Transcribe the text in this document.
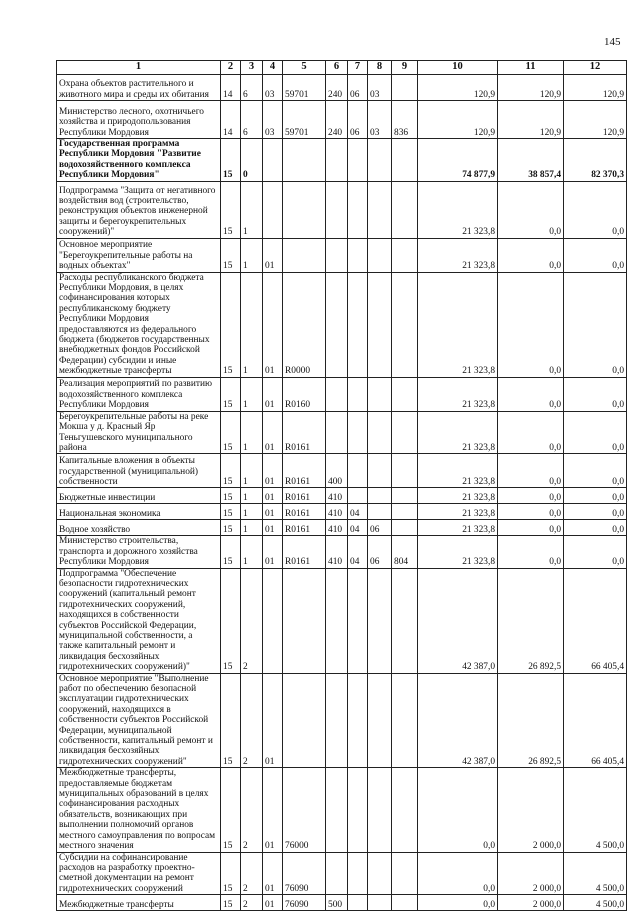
145
1	2	3	4	5	6	7	8	9	10	11	12
Охрана объектов растительного и животного мира и среды их обитания	14	6	03	59701	240	06	03		120,9	120,9	120,9
Министерство лесного, охотничьего хозяйства и природопользования Республики Мордовия	14	6	03	59701	240	06	03	836	120,9	120,9	120,9
Государственная программа Республики Мордовия "Развитие водохозяйственного комплекса Республики Мордовия"	15	0							74 877,9	38 857,4	82 370,3
Подпрограмма "Защита от негативного воздействия вод (строительство, реконструкция объектов инженерной защиты и берегоукрепительных сооружений)"	15	1							21 323,8	0,0	0,0
Основное мероприятие "Берегоукрепительные работы на водных объектах"	15	1	01						21 323,8	0,0	0,0
Расходы республиканского бюджета Республики Мордовия, в целях софинансирования которых республиканскому бюджету Республики Мордовия предоставляются из федерального бюджета (бюджетов государственных внебюджетных фондов Российской Федерации) субсидии и иные межбюджетные трансферты	15	1	01	R0000					21 323,8	0,0	0,0
Реализация мероприятий по развитию водохозяйственного комплекса Республики Мордовия	15	1	01	R0160					21 323,8	0,0	0,0
Берегоукрепительные работы на реке Мокша у д. Красный Яр Теньгушевского муниципального района	15	1	01	R0161					21 323,8	0,0	0,0
Капитальные вложения в объекты государственной (муниципальной) собственности	15	1	01	R0161	400				21 323,8	0,0	0,0
Бюджетные инвестиции	15	1	01	R0161	410				21 323,8	0,0	0,0
Национальная экономика	15	1	01	R0161	410	04			21 323,8	0,0	0,0
Водное хозяйство	15	1	01	R0161	410	04	06		21 323,8	0,0	0,0
Министерство строительства, транспорта и дорожного хозяйства Республики Мордовия	15	1	01	R0161	410	04	06	804	21 323,8	0,0	0,0
Подпрограмма "Обеспечение безопасности гидротехнических сооружений (капитальный ремонт гидротехнических сооружений, находящихся в собственности субъектов Российской Федерации, муниципальной собственности, а также капитальный ремонт и ликвидация бесхозяйных гидротехнических сооружений)"	15	2							42 387,0	26 892,5	66 405,4
Основное мероприятие "Выполнение работ по обеспечению безопасной эксплуатации гидротехнических сооружений, находящихся в собственности субъектов Российской Федерации, муниципальной собственности, капитальный ремонт и ликвидация бесхозяйных гидротехнических сооружений"	15	2	01						42 387,0	26 892,5	66 405,4
Межбюджетные трансферты, предоставляемые бюджетам муниципальных образований в целях софинансирования расходных обязательств, возникающих при выполнении полномочий органов местного самоуправления по вопросам местного значения	15	2	01	76000					0,0	2 000,0	4 500,0
Субсидии на софинансирование расходов на разработку проектно-сметной документации на ремонт гидротехнических сооружений	15	2	01	76090					0,0	2 000,0	4 500,0
Межбюджетные трансферты	15	2	01	76090	500				0,0	2 000,0	4 500,0
